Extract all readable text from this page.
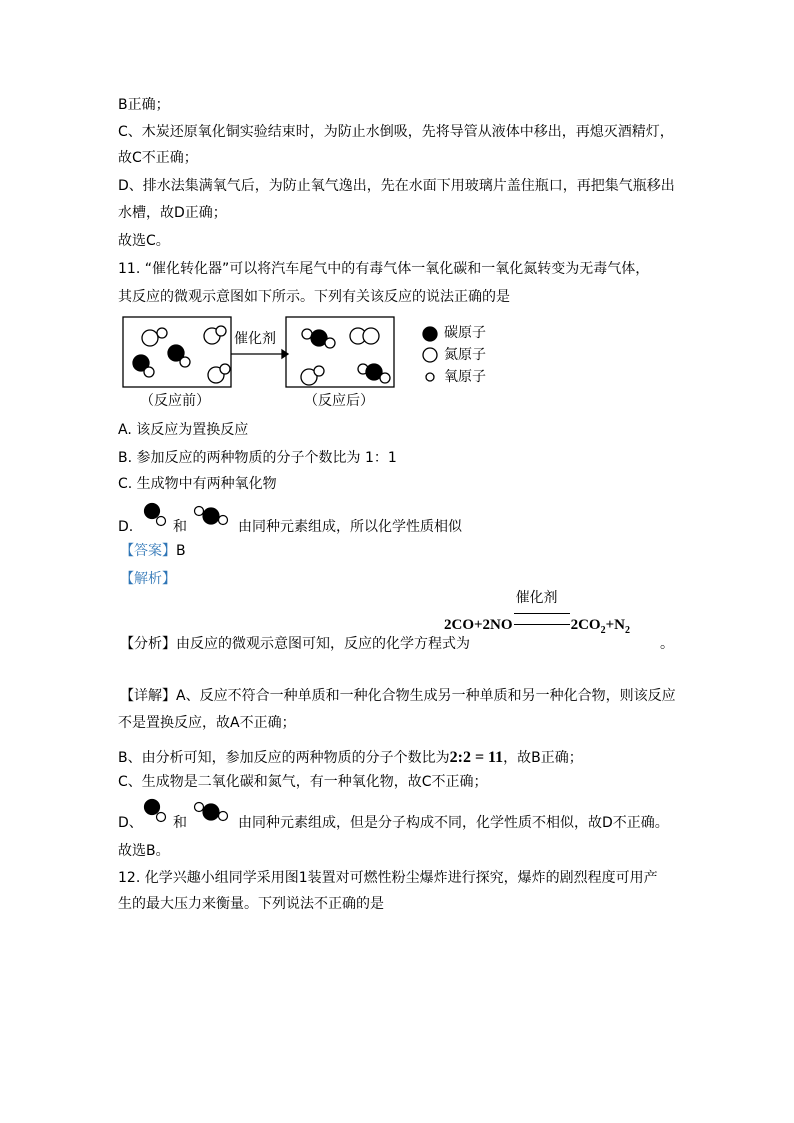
B正确；
C、木炭还原氧化铜实验结束时，为防止水倒吸，先将导管从液体中移出，再熄灭酒精灯，
故C不正确；
D、排水法集满氧气后，为防止氧气逸出，先在水面下用玻璃片盖住瓶口，再把集气瓶移出
水槽，故D正确；
故选C。
11. “催化转化器”可以将汽车尾气中的有毒气体一氧化碳和一氧化氮转变为无毒气体，
其反应的微观示意图如下所示。下列有关该反应的说法正确的是
催化剂	碳原子
氮原子
氧原子
（反应前）	（反应后）
A. 该反应为置换反应
B. 参加反应的两种物质的分子个数比为 1：1
C. 生成物中有两种氧化物
D.	和	由同种元素组成，所以化学性质相似
【答案】B
【解析】
【分析】由反应的微观示意图可知，反应的化学方程式为	。
2CO+2NO
催化剂
$2CO_2+N_2$
【详解】A、反应不符合一种单质和一种化合物生成另一种单质和另一种化合物，则该反应
不是置换反应，故A不正确；
B、由分析可知，参加反应的两种物质的分子个数比为2:2 = 11，故B正确；
C、生成物是二氧化碳和氮气，有一种氧化物，故C不正确；
D、 和	由同种元素组成，但是分子构成不同，化学性质不相似，故D不正确。
故选B。
12. 化学兴趣小组同学采用图1装置对可燃性粉尘爆炸进行探究，爆炸的剧烈程度可用产
生的最大压力来衡量。下列说法不正确的是
